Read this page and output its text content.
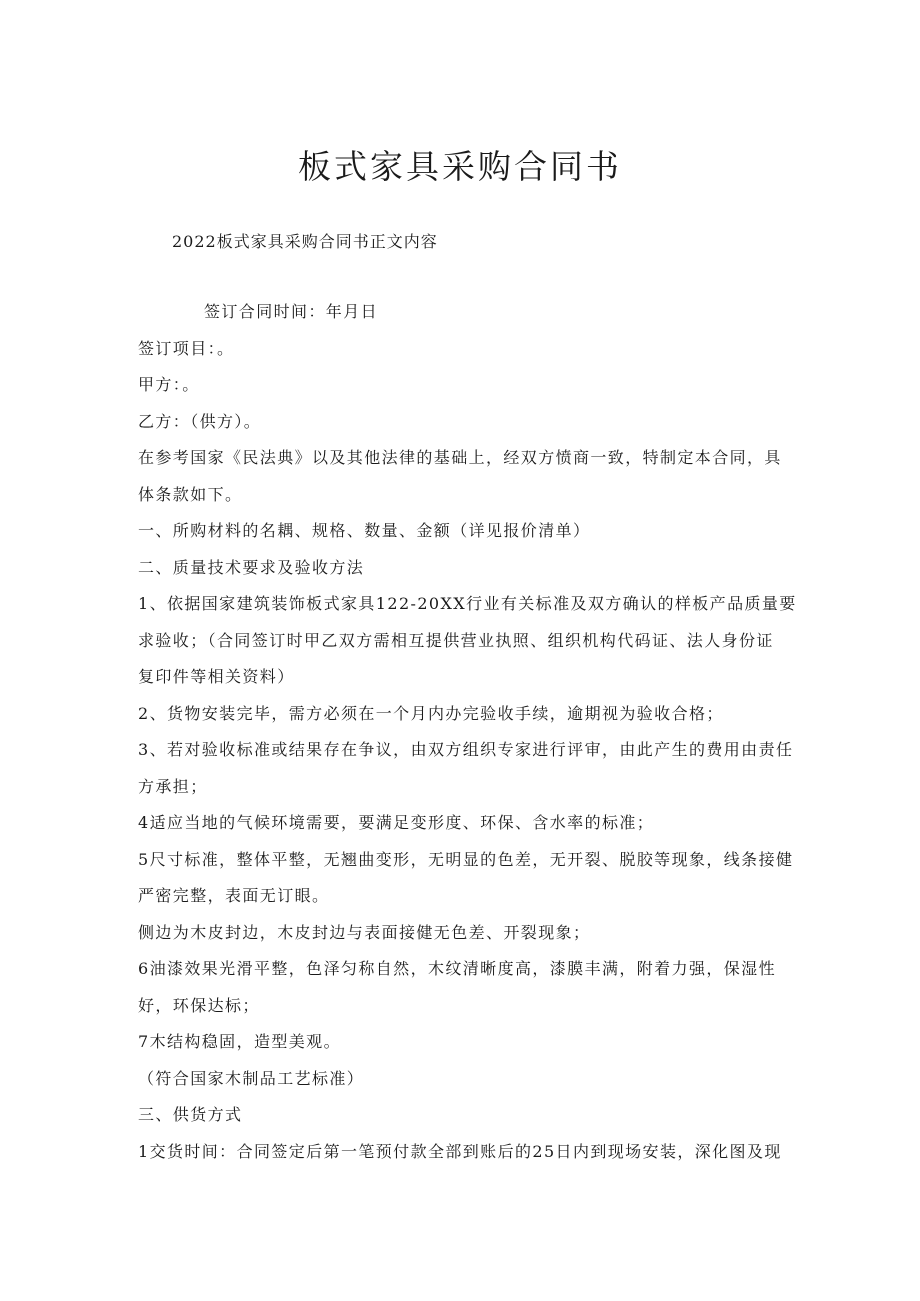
板式家具采购合同书
2022板式家具采购合同书正文内容
签订合同时间：年月日
签订项目：。
甲方：。
乙方：（供方）。
在参考国家《民法典》以及其他法律的基础上，经双方愤商一致，特制定本合同，具
体条款如下。
一、所购材料的名耦、规格、数量、金额（详见报价清单）
二、质量技术要求及验收方法
1、依据国家建筑装饰板式家具122-20XX行业有关标准及双方确认的样板产品质量要
求验收；（合同签订时甲乙双方需相互提供营业执照、组织机构代码证、法人身份证
复印件等相关资料）
2、货物安装完毕，需方必须在一个月内办完验收手续，逾期视为验收合格；
3、若对验收标准或结果存在争议，由双方组织专家进行评审，由此产生的费用由责任
方承担；
4适应当地的气候环境需要，要满足变形度、环保、含水率的标准；
5尺寸标准，整体平整，无翘曲变形，无明显的色差，无开裂、脱胶等现象，线条接健
严密完整，表面无订眼。
侧边为木皮封边，木皮封边与表面接健无色差、开裂现象；
6油漆效果光滑平整，色泽匀称自然，木纹清晰度高，漆膜丰满，附着力强，保湿性
好，环保达标；
7木结构稳固，造型美观。
（符合国家木制品工艺标准）
三、供货方式
1交货时间：合同签定后第一笔预付款全部到账后的25日内到现场安装，深化图及现
